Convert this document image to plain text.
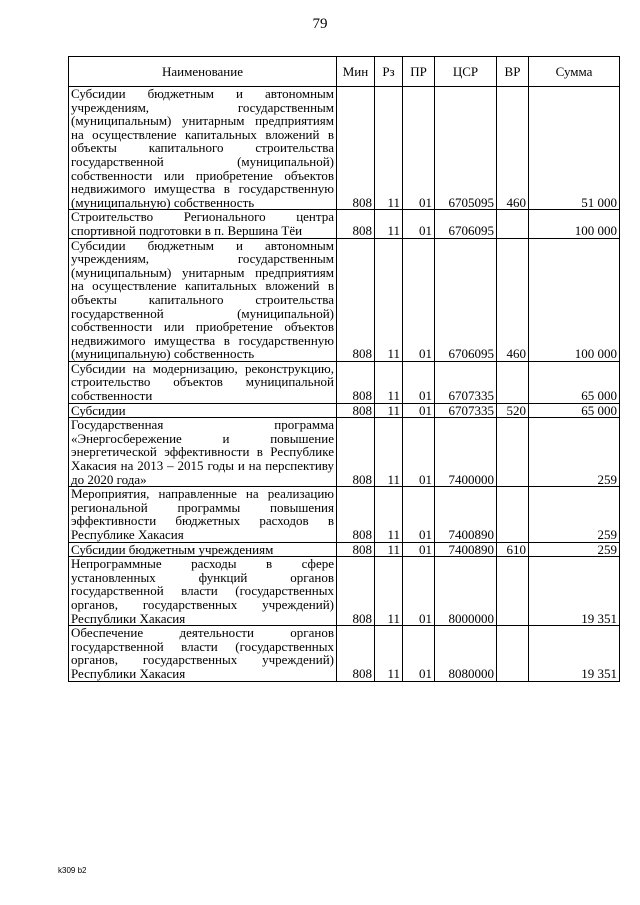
79
Наименование	Мин	Рз	ПР	ЦСР	ВР	Сумма
Субсидии бюджетным и автономным учреждениям, государственным (муниципальным) унитарным предприятиям на осуществление капитальных вложений в объекты капитального строительства государственной (муниципальной) собственности или приобретение объектов недвижимого имущества в государственную (муниципальную) собственность	808	11	01	6705095	460	51 000
Строительство Регионального центра спортивной подготовки в п. Вершина Тёи	808	11	01	6706095		100 000
Субсидии бюджетным и автономным учреждениям, государственным (муниципальным) унитарным предприятиям на осуществление капитальных вложений в объекты капитального строительства государственной (муниципальной) собственности или приобретение объектов недвижимого имущества в государственную (муниципальную) собственность	808	11	01	6706095	460	100 000
Субсидии на модернизацию, реконструкцию, строительство объектов муниципальной собственности	808	11	01	6707335		65 000
Субсидии	808	11	01	6707335	520	65 000
Государственная программа «Энергосбережение и повышение энергетической эффективности в Республике Хакасия на 2013 – 2015 годы и на перспективу до 2020 года»	808	11	01	7400000		259
Мероприятия, направленные на реализацию региональной программы повышения эффективности бюджетных расходов в Республике Хакасия	808	11	01	7400890		259
Субсидии бюджетным учреждениям	808	11	01	7400890	610	259
Непрограммные расходы в сфере установленных функций органов государственной власти (государственных органов, государственных учреждений) Республики Хакасия	808	11	01	8000000		19 351
Обеспечение деятельности органов государственной власти (государственных органов, государственных учреждений) Республики Хакасия	808	11	01	8080000		19 351
k309 b2
